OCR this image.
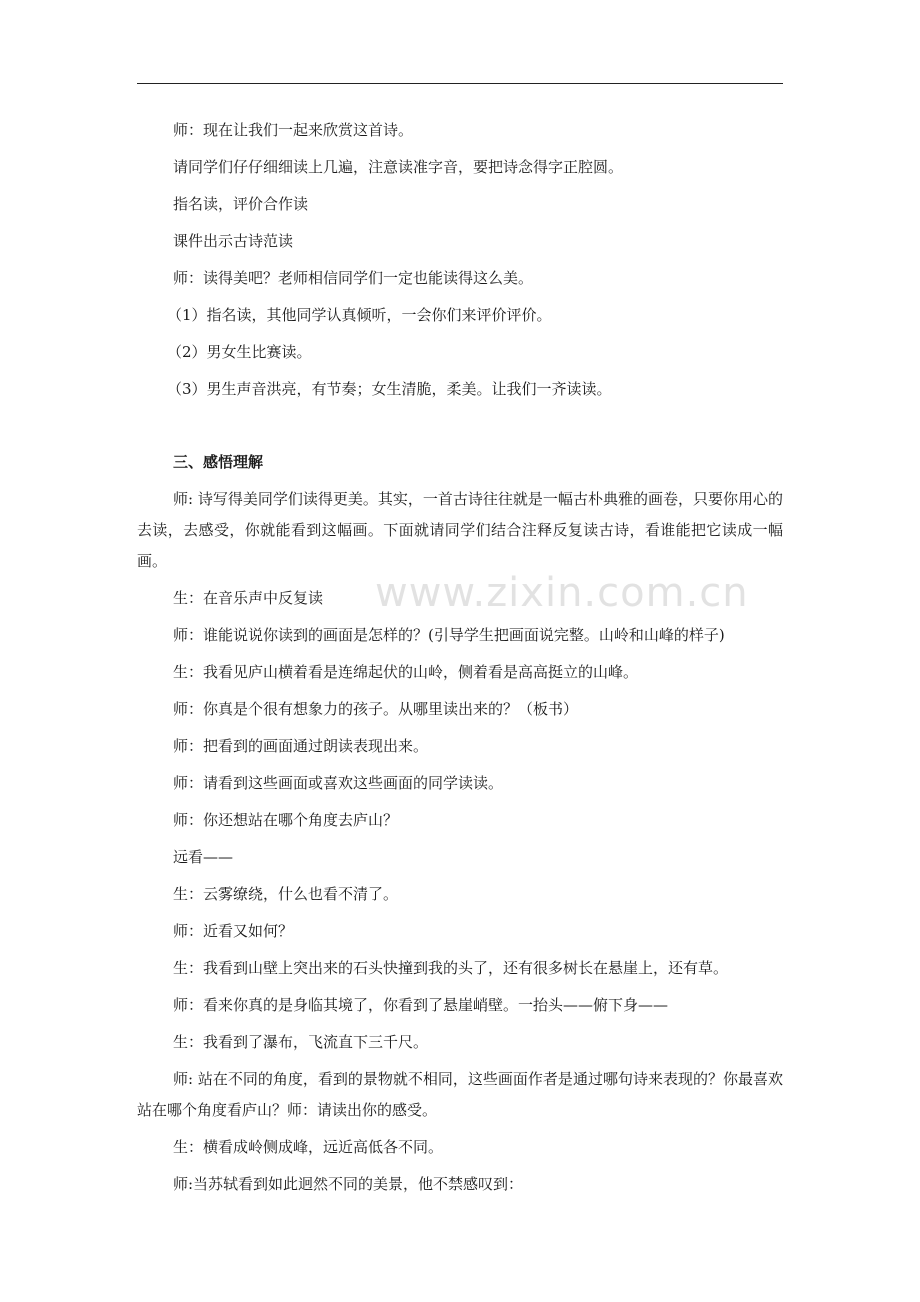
www.zixin.com.cn

师：现在让我们一起来欣赏这首诗。

请同学们仔仔细细读上几遍，注意读准字音，要把诗念得字正腔圆。

指名读，评价合作读

课件出示古诗范读

师：读得美吧？老师相信同学们一定也能读得这么美。

（1）指名读，其他同学认真倾听，一会你们来评价评价。

（2）男女生比赛读。

（3）男生声音洪亮，有节奏；女生清脆，柔美。让我们一齐读读。

三、感悟理解

师: 诗写得美同学们读得更美。其实，一首古诗往往就是一幅古朴典雅的画卷，只要你用心的去读，去感受，你就能看到这幅画。下面就请同学们结合注释反复读古诗，看谁能把它读成一幅画。

生：在音乐声中反复读

师：谁能说说你读到的画面是怎样的？(引导学生把画面说完整。山岭和山峰的样子)

生：我看见庐山横着看是连绵起伏的山岭，侧着看是高高挺立的山峰。

师：你真是个很有想象力的孩子。从哪里读出来的？（板书）

师：把看到的画面通过朗读表现出来。

师：请看到这些画面或喜欢这些画面的同学读读。

师：你还想站在哪个角度去庐山？

远看——

生：云雾缭绕，什么也看不清了。

师：近看又如何？

生：我看到山壁上突出来的石头快撞到我的头了，还有很多树长在悬崖上，还有草。

师：看来你真的是身临其境了，你看到了悬崖峭壁。一抬头——俯下身——

生：我看到了瀑布，飞流直下三千尺。

师: 站在不同的角度，看到的景物就不相同，这些画面作者是通过哪句诗来表现的？你最喜欢站在哪个角度看庐山？师：请读出你的感受。

生：横看成岭侧成峰，远近高低各不同。

师:当苏轼看到如此迥然不同的美景，他不禁感叹到：
